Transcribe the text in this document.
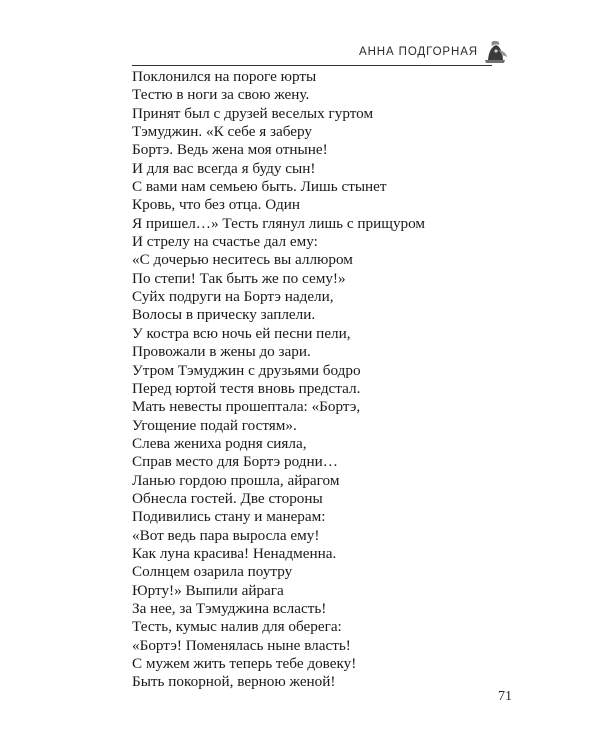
АННА ПОДГОРНАЯ
Поклонился на пороге юрты
Тестю в ноги за свою жену.
Принят был с друзей веселых гуртом
Тэмуджин. «К себе я заберу
Бортэ. Ведь жена моя отныне!
И для вас всегда я буду сын!
С вами нам семьею быть. Лишь стынет
Кровь, что без отца. Один
Я пришел…» Тесть глянул лишь с прищуром
И стрелу на счастье дал ему:
«С дочерью неситесь вы аллюром
По степи! Так быть же по сему!»
Суйх подруги на Бортэ надели,
Волосы в прическу заплели.
У костра всю ночь ей песни пели,
Провожали в жены до зари.
Утром Тэмуджин с друзьями бодро
Перед юртой тестя вновь предстал.
Мать невесты прошептала: «Бортэ,
Угощение подай гостям».
Слева жениха родня сияла,
Справ место для Бортэ родни…
Ланью гордою прошла, айрагом
Обнесла гостей. Две стороны
Подивились стану и манерам:
«Вот ведь пара выросла ему!
Как луна красива! Ненадменна.
Солнцем озарила поутру
Юрту!» Выпили айрага
За нее, за Тэмуджина всласть!
Тесть, кумыс налив для оберега:
«Бортэ! Поменялась ныне власть!
С мужем жить теперь тебе довеку!
Быть покорной, верною женой!
71
